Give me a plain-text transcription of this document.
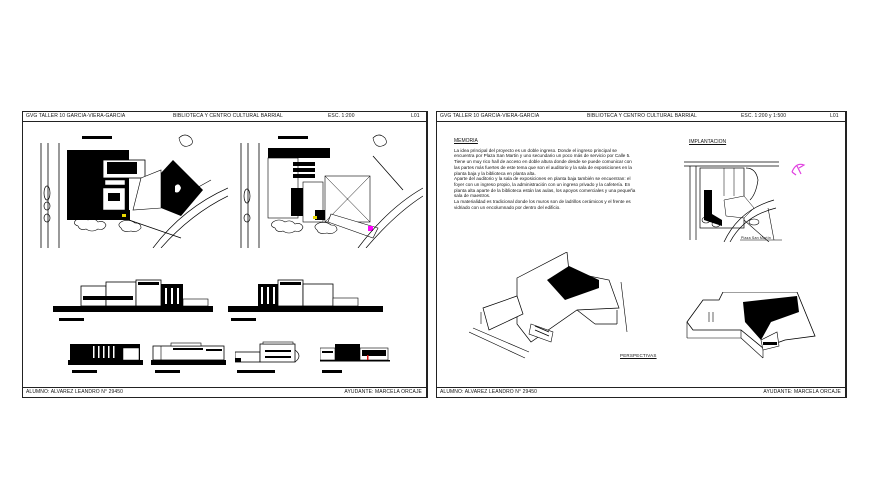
GVG TALLER 10 GARCIA-VIERA-GARCIA	BIBLIOTECA Y CENTRO CULTURAL BARRIAL	ESC. 1:200	L01
ALUMNO: ALVAREZ LEANDRO N° 29450	AYUDANTE: MARCELA ORCAJE
GVG TALLER 10 GARCIA-VIERA-GARCIA	BIBLIOTECA Y CENTRO CULTURAL BARRIAL	ESC. 1:200 y 1:500	L01
MEMORIA

La idea principal del proyecto es un doble ingreso. Donde el ingreso principal se encuentra por Plaza San Martin y uno secundario un poco más de servicio por Calle 5.

Tiene un muy rico hall de acceso en doble altura donde desde se puede comunicar con las partes más fuertes de este tema que son el auditorio y la sala de exposiciones en la planta baja y la biblioteca en planta alta.

Aparte del auditorio y la sala de exposiciones en planta baja también se encuentran: el foyer con un ingreso propio, la administración con un ingreso privado y la cafetería. En planta alta aparte de la biblioteca están las aulas, los apoyos comerciales y una pequeña sala de maestros.

La materialidad es tradicional donde los muros son de ladrillos cerámicos y el frente es vidriado con un encolumnado por dentro del edificio.

IMPLANTACION
Plaza San Martin
PERSPECTIVAS
ALUMNO: ALVAREZ LEANDRO N° 29450	AYUDANTE: MARCELA ORCAJE
